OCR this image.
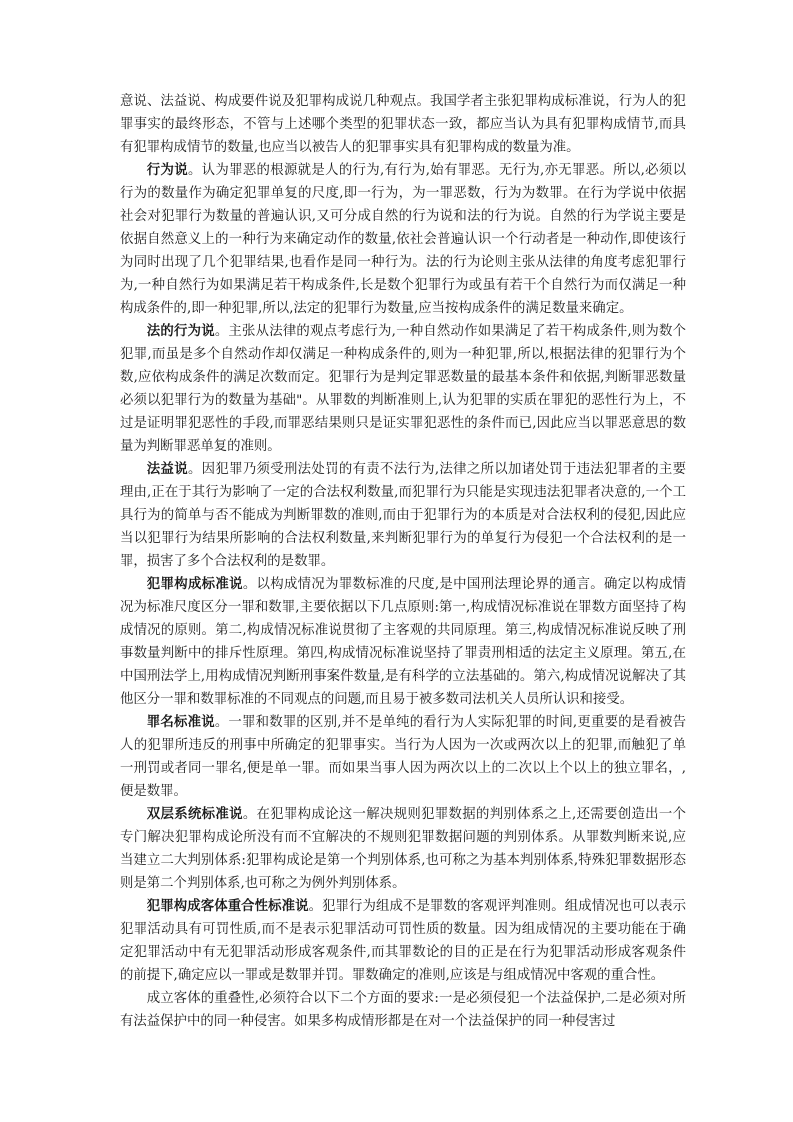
意说、法益说、构成要件说及犯罪构成说几种观点。我国学者主张犯罪构成标准说，行为人的犯罪事实的最终形态，不管与上述哪个类型的犯罪状态一致，都应当认为具有犯罪构成情节,而具有犯罪构成情节的数量,也应当以被告人的犯罪事实具有犯罪构成的数量为准。

行为说。认为罪恶的根源就是人的行为,有行为,始有罪恶。无行为,亦无罪恶。所以,必须以行为的数量作为确定犯罪单复的尺度,即一行为，为一罪恶数，行为为数罪。在行为学说中依据社会对犯罪行为数量的普遍认识,又可分成自然的行为说和法的行为说。自然的行为学说主要是依据自然意义上的一种行为来确定动作的数量,依社会普遍认识一个行动者是一种动作,即使该行为同时出现了几个犯罪结果,也看作是同一种行为。法的行为论则主张从法律的角度考虑犯罪行为,一种自然行为如果满足若干构成条件,长是数个犯罪行为或虽有若干个自然行为而仅满足一种构成条件的,即一种犯罪,所以,法定的犯罪行为数量,应当按构成条件的满足数量来确定。

法的行为说。主张从法律的观点考虑行为,一种自然动作如果满足了若干构成条件,则为数个犯罪,而虽是多个自然动作却仅满足一种构成条件的,则为一种犯罪,所以,根据法律的犯罪行为个数,应依构成条件的满足次数而定。犯罪行为是判定罪恶数量的最基本条件和依据,判断罪恶数量必须以犯罪行为的数量为基础"。从罪数的判断准则上,认为犯罪的实质在罪犯的恶性行为上，不过是证明罪犯恶性的手段,而罪恶结果则只是证实罪犯恶性的条件而已,因此应当以罪恶意思的数量为判断罪恶单复的准则。

法益说。因犯罪乃须受刑法处罚的有责不法行为,法律之所以加诸处罚于违法犯罪者的主要理由,正在于其行为影响了一定的合法权利数量,而犯罪行为只能是实现违法犯罪者决意的,一个工具行为的简单与否不能成为判断罪数的准则,而由于犯罪行为的本质是对合法权利的侵犯,因此应当以犯罪行为结果所影响的合法权利数量,来判断犯罪行为的单复行为侵犯一个合法权利的是一罪，损害了多个合法权利的是数罪。

犯罪构成标准说。以构成情况为罪数标准的尺度,是中国刑法理论界的通言。确定以构成情况为标准尺度区分一罪和数罪,主要依据以下几点原则:第一,构成情况标准说在罪数方面坚持了构成情况的原则。第二,构成情况标准说贯彻了主客观的共同原理。第三,构成情况标准说反映了刑事数量判断中的排斥性原理。第四,构成情况标准说坚持了罪责刑相适的法定主义原理。第五,在中国刑法学上,用构成情况判断刑事案件数量,是有科学的立法基础的。第六,构成情况说解决了其他区分一罪和数罪标准的不同观点的问题,而且易于被多数司法机关人员所认识和接受。

罪名标准说。一罪和数罪的区别,并不是单纯的看行为人实际犯罪的时间,更重要的是看被告人的犯罪所违反的刑事中所确定的犯罪事实。当行为人因为一次或两次以上的犯罪,而触犯了单一刑罚或者同一罪名,便是单一罪。而如果当事人因为两次以上的二次以上个以上的独立罪名，,便是数罪。

双层系统标准说。在犯罪构成论这一解决规则犯罪数据的判别体系之上,还需要创造出一个专门解决犯罪构成论所没有而不宜解决的不规则犯罪数据问题的判别体系。从罪数判断来说,应当建立二大判别体系:犯罪构成论是第一个判别体系,也可称之为基本判别体系,特殊犯罪数据形态则是第二个判别体系,也可称之为例外判别体系。

犯罪构成客体重合性标准说。犯罪行为组成不是罪数的客观评判准则。组成情况也可以表示犯罪活动具有可罚性质,而不是表示犯罪活动可罚性质的数量。因为组成情况的主要功能在于确定犯罪活动中有无犯罪活动形成客观条件,而其罪数论的目的正是在行为犯罪活动形成客观条件的前提下,确定应以一罪或是数罪并罚。罪数确定的准则,应该是与组成情况中客观的重合性。

成立客体的重叠性,必须符合以下二个方面的要求:一是必须侵犯一个法益保护,二是必须对所有法益保护中的同一种侵害。如果多构成情形都是在对一个法益保护的同一种侵害过
